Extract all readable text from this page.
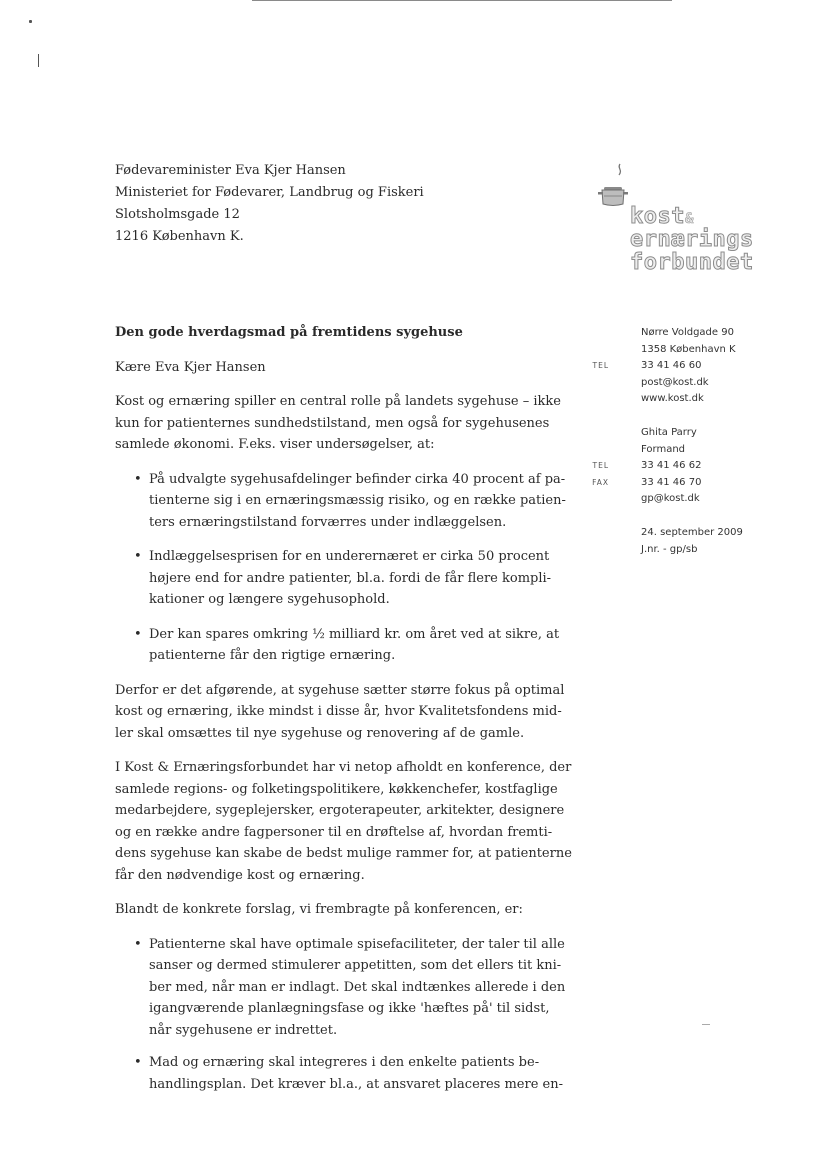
Fødevareminister Eva Kjer Hansen
Ministeriet for Fødevarer, Landbrug og Fiskeri
Slotsholmsgade 12
1216 København K.
kost&
ernærings
forbundet
Nørre Voldgade 90
1358 København K
TEL	33 41 46 60
post@kost.dk
www.kost.dk
Ghita Parry
Formand
TEL	33 41 46 62
FAX	33 41 46 70
gp@kost.dk
24. september 2009
J.nr. - gp/sb
Den gode hverdagsmad på fremtidens sygehuse

Kære Eva Kjer Hansen

Kost og ernæring spiller en central rolle på landets sygehuse – ikke
kun for patienternes sundhedstilstand, men også for sygehusenes
samlede økonomi. F.eks. viser undersøgelser, at:

• På udvalgte sygehusafdelinger befinder cirka 40 procent af pa-
tienterne sig i en ernæringsmæssig risiko, og en række patien-
ters ernæringstilstand forværres under indlæggelsen.
• Indlæggelsesprisen for en underernæret er cirka 50 procent
højere end for andre patienter, bl.a. fordi de får flere kompli-
kationer og længere sygehusophold.
• Der kan spares omkring ½ milliard kr. om året ved at sikre, at
patienterne får den rigtige ernæring.

Derfor er det afgørende, at sygehuse sætter større fokus på optimal
kost og ernæring, ikke mindst i disse år, hvor Kvalitetsfondens mid-
ler skal omsættes til nye sygehuse og renovering af de gamle.

I Kost & Ernæringsforbundet har vi netop afholdt en konference, der
samlede regions- og folketingspolitikere, køkkenchefer, kostfaglige
medarbejdere, sygeplejersker, ergoterapeuter, arkitekter, designere
og en række andre fagpersoner til en drøftelse af, hvordan fremti-
dens sygehuse kan skabe de bedst mulige rammer for, at patienterne
får den nødvendige kost og ernæring.

Blandt de konkrete forslag, vi frembragte på konferencen, er:

• Patienterne skal have optimale spisefaciliteter, der taler til alle
sanser og dermed stimulerer appetitten, som det ellers tit kni-
ber med, når man er indlagt. Det skal indtænkes allerede i den
igangværende planlægningsfase og ikke 'hæftes på' til sidst,
når sygehusene er indrettet.
• Mad og ernæring skal integreres i den enkelte patients be-
handlingsplan. Det kræver bl.a., at ansvaret placeres mere en-
